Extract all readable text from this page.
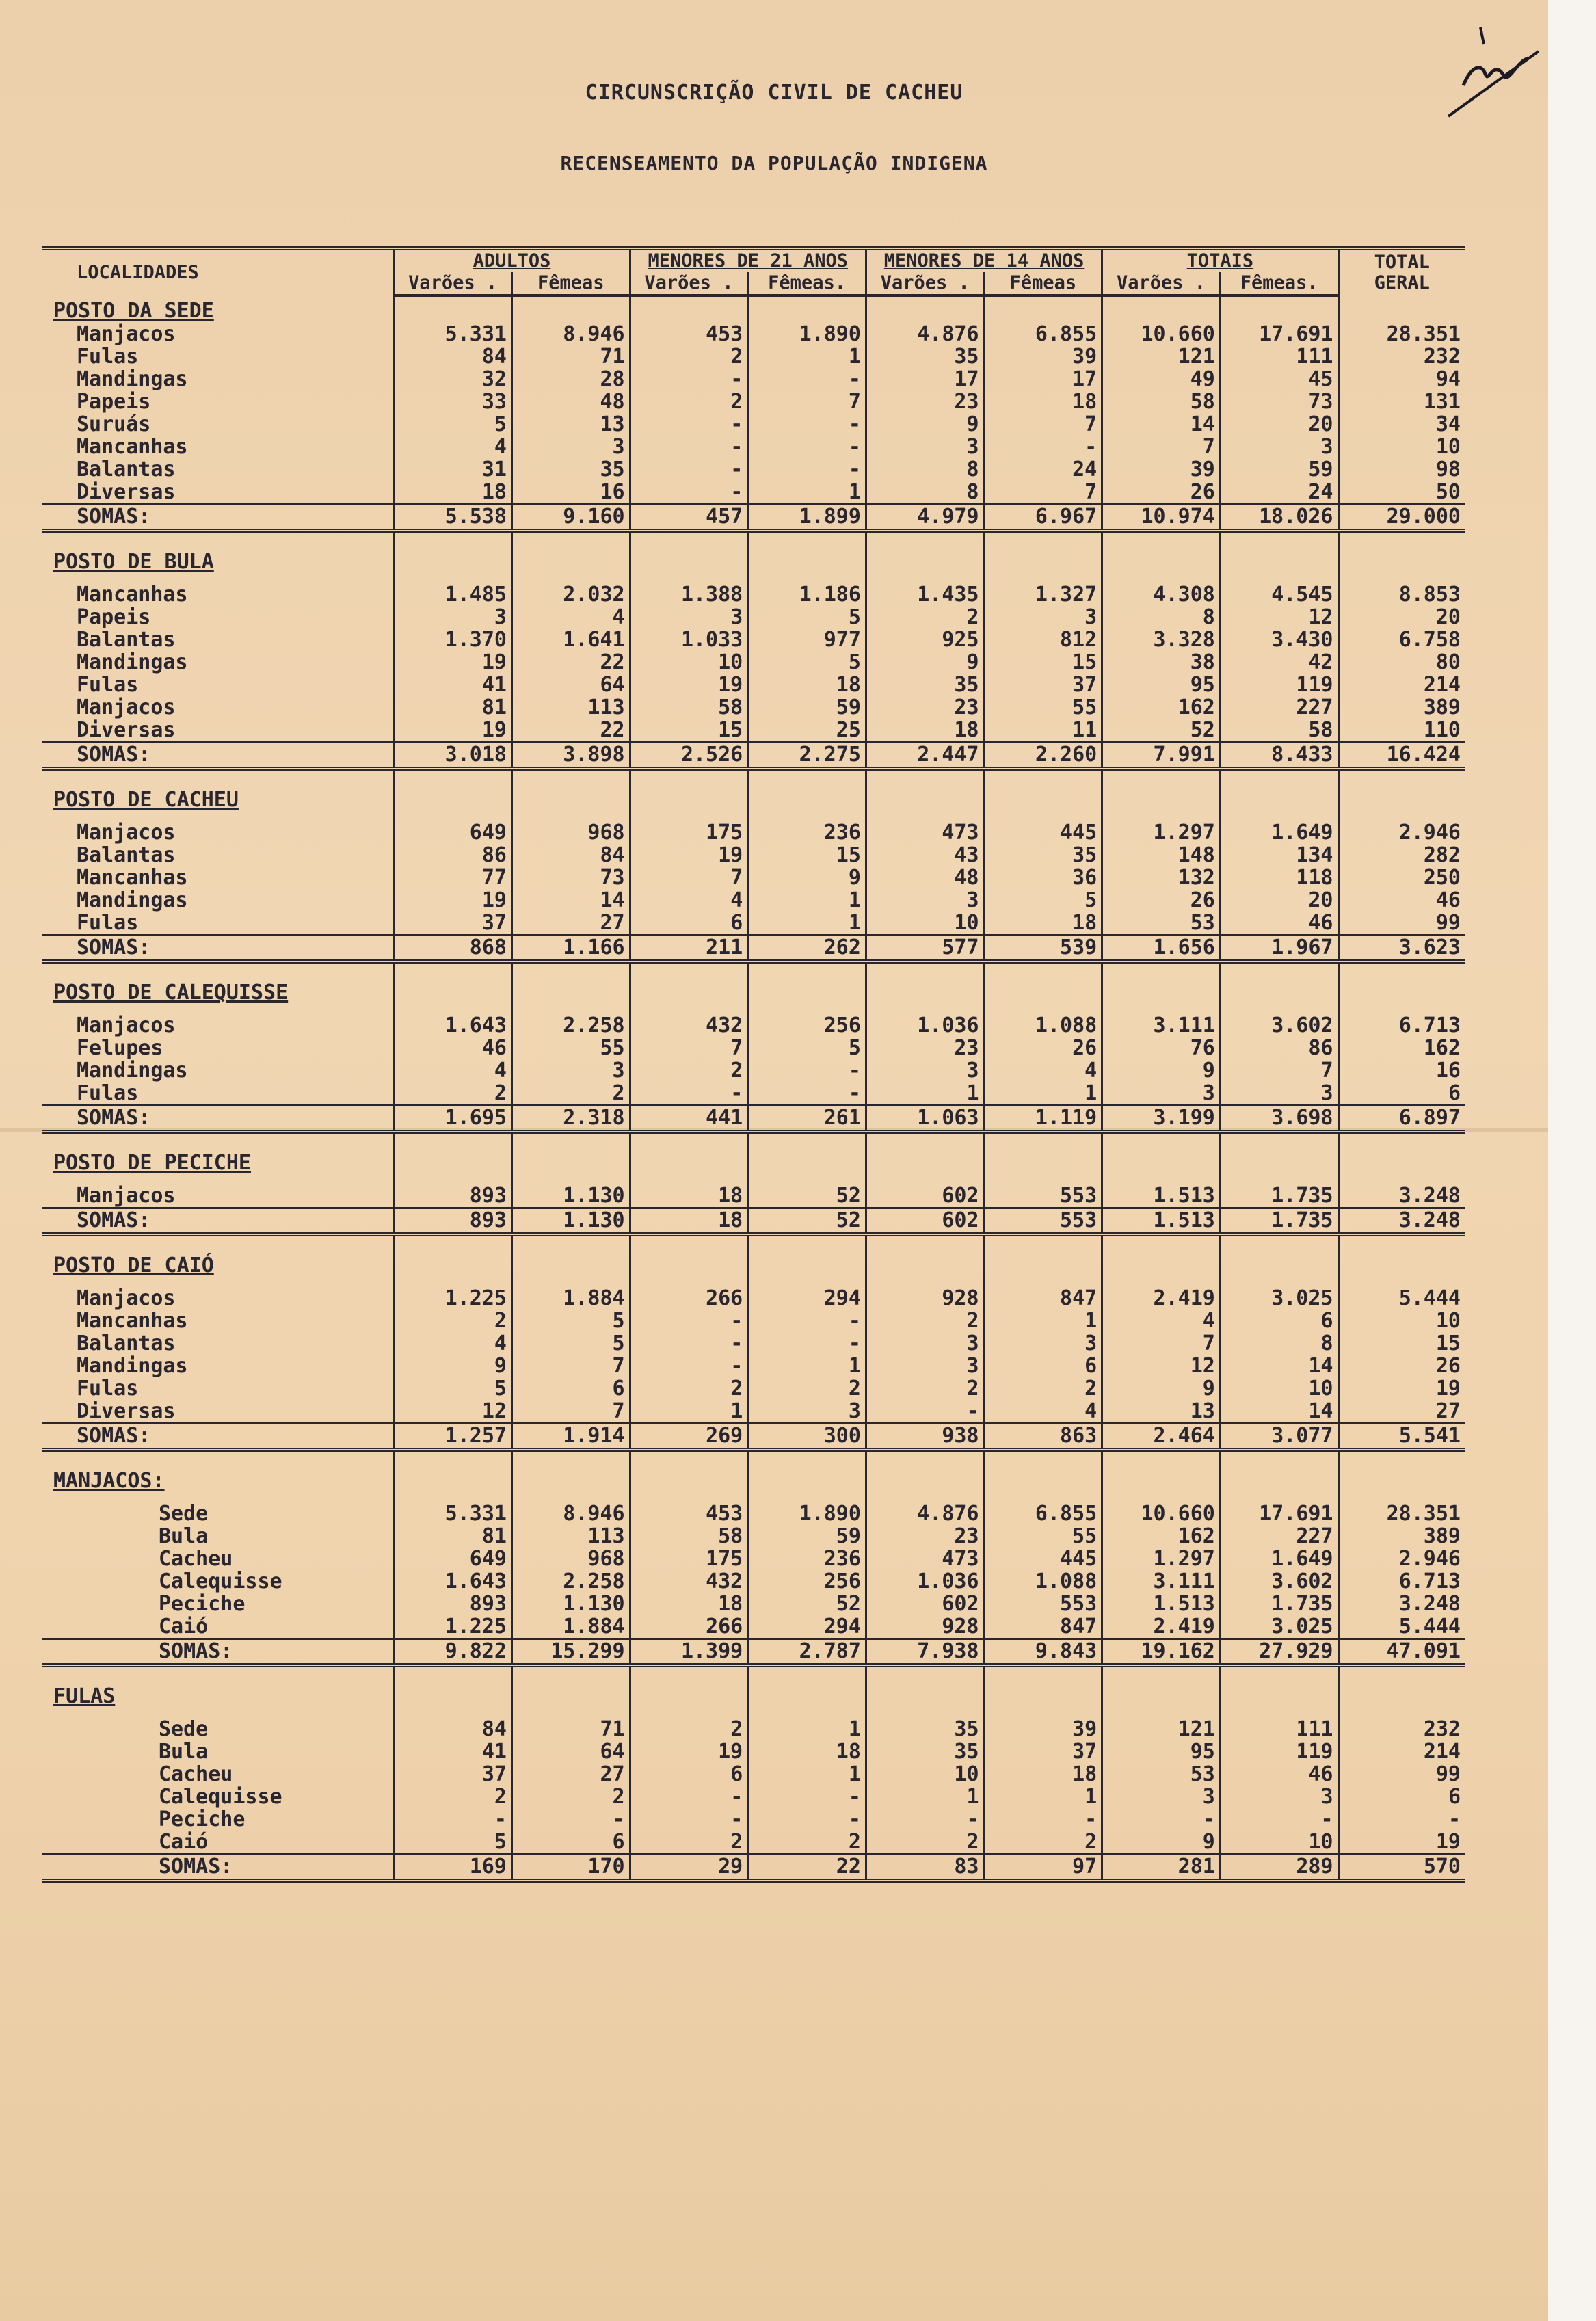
CIRCUNSCRIÇÃO CIVIL DE CACHEU
RECENSEAMENTO DA POPULAÇÃO INDIGENA
LOCALIDADES	ADULTOS		MENORES DE 21 ANOS		MENORES DE 14 ANOS		TOTAIS		TOTAL GERAL
	Varões .	Fêmeas	Varões .	Fêmeas.	Varões .	Fêmeas	Varões .	Fêmeas.	
POSTO DA SEDE									
Manjacos	5.331	8.946	453	1.890	4.876	6.855	10.660	17.691	28.351
Fulas	84	71	2	1	35	39	121	111	232
Mandingas	32	28	-	-	17	17	49	45	94
Papeis	33	48	2	7	23	18	58	73	131
Suruás	5	13	-	-	9	7	14	20	34
Mancanhas	4	3	-	-	3	-	7	3	10
Balantas	31	35	-	-	8	24	39	59	98
Diversas	18	16	-	1	8	7	26	24	50
SOMAS:	5.538	9.160	457	1.899	4.979	6.967	10.974	18.026	29.000
POSTO DE BULA									
Mancanhas	1.485	2.032	1.388	1.186	1.435	1.327	4.308	4.545	8.853
Papeis	3	4	3	5	2	3	8	12	20
Balantas	1.370	1.641	1.033	977	925	812	3.328	3.430	6.758
Mandingas	19	22	10	5	9	15	38	42	80
Fulas	41	64	19	18	35	37	95	119	214
Manjacos	81	113	58	59	23	55	162	227	389
Diversas	19	22	15	25	18	11	52	58	110
SOMAS:	3.018	3.898	2.526	2.275	2.447	2.260	7.991	8.433	16.424
POSTO DE CACHEU									
Manjacos	649	968	175	236	473	445	1.297	1.649	2.946
Balantas	86	84	19	15	43	35	148	134	282
Mancanhas	77	73	7	9	48	36	132	118	250
Mandingas	19	14	4	1	3	5	26	20	46
Fulas	37	27	6	1	10	18	53	46	99
SOMAS:	868	1.166	211	262	577	539	1.656	1.967	3.623
POSTO DE CALEQUISSE									
Manjacos	1.643	2.258	432	256	1.036	1.088	3.111	3.602	6.713
Felupes	46	55	7	5	23	26	76	86	162
Mandingas	4	3	2	-	3	4	9	7	16
Fulas	2	2	-	-	1	1	3	3	6
SOMAS:	1.695	2.318	441	261	1.063	1.119	3.199	3.698	6.897
POSTO DE PECICHE									
Manjacos	893	1.130	18	52	602	553	1.513	1.735	3.248
SOMAS:	893	1.130	18	52	602	553	1.513	1.735	3.248
POSTO DE CAIÓ									
Manjacos	1.225	1.884	266	294	928	847	2.419	3.025	5.444
Mancanhas	2	5	-	-	2	1	4	6	10
Balantas	4	5	-	-	3	3	7	8	15
Mandingas	9	7	-	1	3	6	12	14	26
Fulas	5	6	2	2	2	2	9	10	19
Diversas	12	7	1	3	-	4	13	14	27
SOMAS:	1.257	1.914	269	300	938	863	2.464	3.077	5.541
MANJACOS:									
Sede	5.331	8.946	453	1.890	4.876	6.855	10.660	17.691	28.351
Bula	81	113	58	59	23	55	162	227	389
Cacheu	649	968	175	236	473	445	1.297	1.649	2.946
Calequisse	1.643	2.258	432	256	1.036	1.088	3.111	3.602	6.713
Peciche	893	1.130	18	52	602	553	1.513	1.735	3.248
Caió	1.225	1.884	266	294	928	847	2.419	3.025	5.444
SOMAS:	9.822	15.299	1.399	2.787	7.938	9.843	19.162	27.929	47.091
FULAS									
Sede	84	71	2	1	35	39	121	111	232
Bula	41	64	19	18	35	37	95	119	214
Cacheu	37	27	6	1	10	18	53	46	99
Calequisse	2	2	-	-	1	1	3	3	6
Peciche	-	-	-	-	-	-	-	-	-
Caió	5	6	2	2	2	2	9	10	19
SOMAS:	169	170	29	22	83	97	281	289	570
